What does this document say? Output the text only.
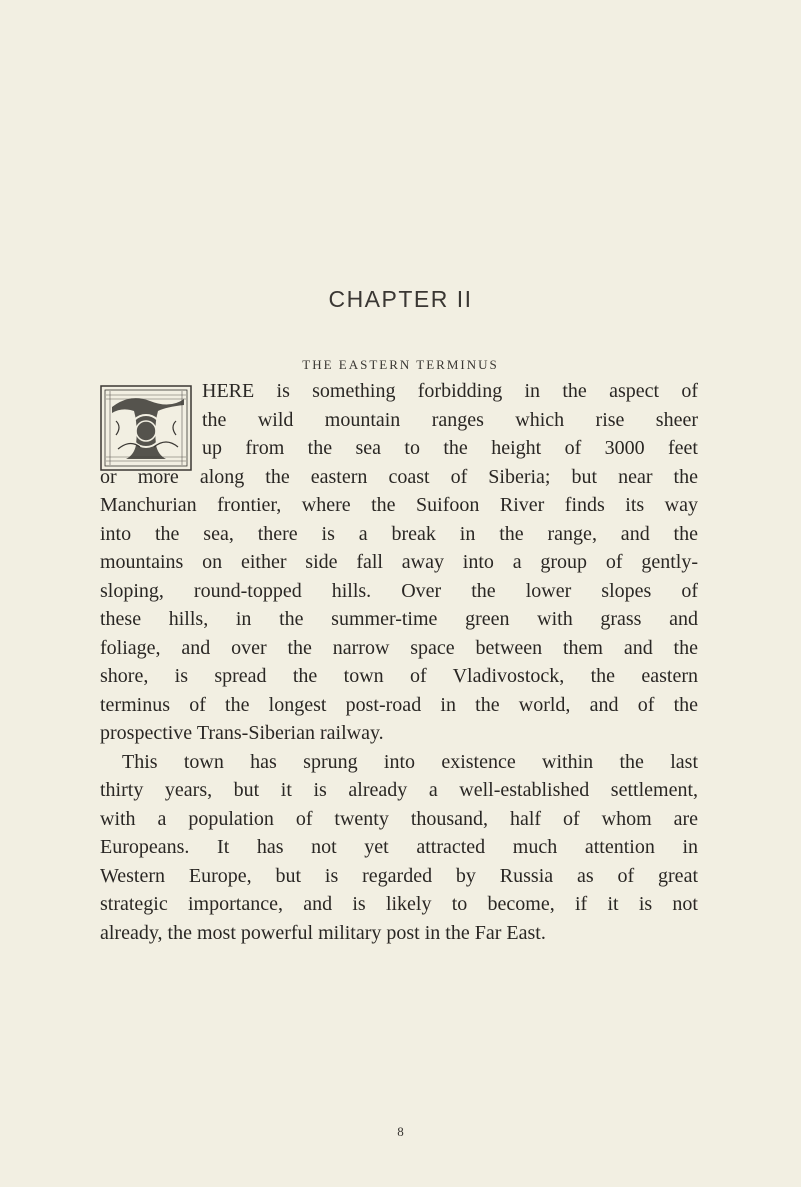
CHAPTER II
THE EASTERN TERMINUS

HERE is something forbidding in the aspect of
the wild mountain ranges which rise sheer
up from the sea to the height of 3000 feet
or more along the eastern coast of Siberia; but near the
Manchurian frontier, where the Suifoon River finds its way
into the sea, there is a break in the range, and the
mountains on either side fall away into a group of gently-
sloping, round-topped hills. Over the lower slopes of
these hills, in the summer-time green with grass and
foliage, and over the narrow space between them and the
shore, is spread the town of Vladivostock, the eastern
terminus of the longest post-road in the world, and of the
prospective Trans-Siberian railway.

This town has sprung into existence within the last
thirty years, but it is already a well-established settlement,
with a population of twenty thousand, half of whom are
Europeans. It has not yet attracted much attention in
Western Europe, but is regarded by Russia as of great
strategic importance, and is likely to become, if it is not
already, the most powerful military post in the Far East.

8
